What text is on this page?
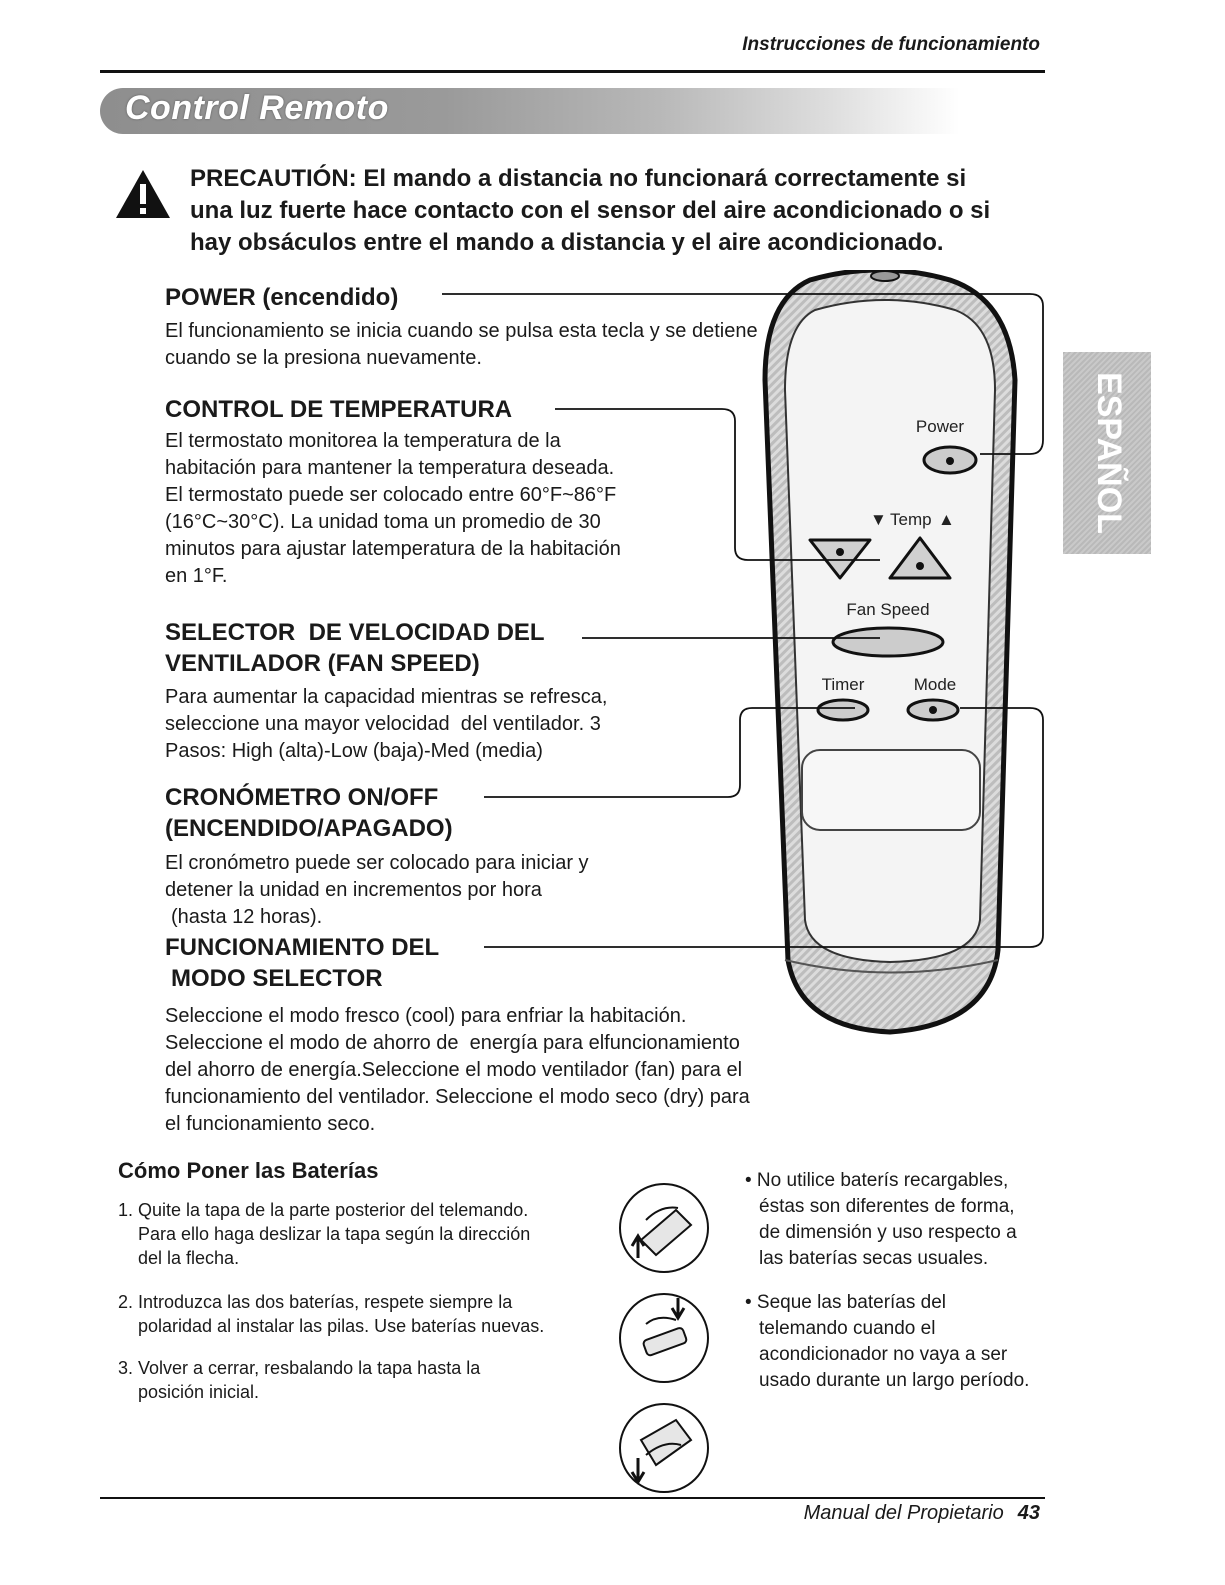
Instrucciones de funcionamiento
Control Remoto
PRECAUTIÓN: El mando a distancia no funcionará correctamente si
una luz fuerte hace contacto con el sensor del aire acondicionado o si
hay obsáculos entre el mando a distancia y el aire acondicionado.
POWER (encendido)
El funcionamiento se inicia cuando se pulsa esta tecla y se detiene
cuando se la presiona nuevamente.
CONTROL DE TEMPERATURA
El termostato monitorea la temperatura de la
habitación para mantener la temperatura deseada.
El termostato puede ser colocado entre 60°F~86°F
(16°C~30°C). La unidad toma un promedio de 30
minutos para ajustar latemperatura de la habitación
en 1°F.
SELECTOR  DE VELOCIDAD DEL
VENTILADOR (FAN SPEED)
Para aumentar la capacidad mientras se refresca,
seleccione una mayor velocidad  del ventilador. 3
Pasos: High (alta)-Low (baja)-Med (media)
CRONÓMETRO ON/OFF
(ENCENDIDO/APAGADO)
El cronómetro puede ser colocado para iniciar y
detener la unidad en incrementos por hora
(hasta 12 horas).
FUNCIONAMIENTO DEL
MODO SELECTOR
Seleccione el modo fresco (cool) para enfriar la habitación.
Seleccione el modo de ahorro de  energía para elfuncionamiento
del ahorro de energía.Seleccione el modo ventilador (fan) para el
funcionamiento del ventilador. Seleccione el modo seco (dry) para
el funcionamiento seco.
ESPAÑOL
Power
▼ Temp ▲
Fan Speed
Timer	Mode
Cómo Poner las Baterías
1. Quite la tapa de la parte posterior del telemando.
Para ello haga deslizar la tapa según la dirección
del la flecha.
2. Introduzca las dos baterías, respete siempre la
polaridad al instalar las pilas. Use baterías nuevas.
3. Volver a cerrar, resbalando la tapa hasta la
posición inicial.
• No utilice baterís recargables,
éstas son diferentes de forma,
de dimensión y uso respecto a
las baterías secas usuales.
• Seque las baterías del
telemando cuando el
acondicionador no vaya a ser
usado durante un largo período.
Manual del Propietario 43
